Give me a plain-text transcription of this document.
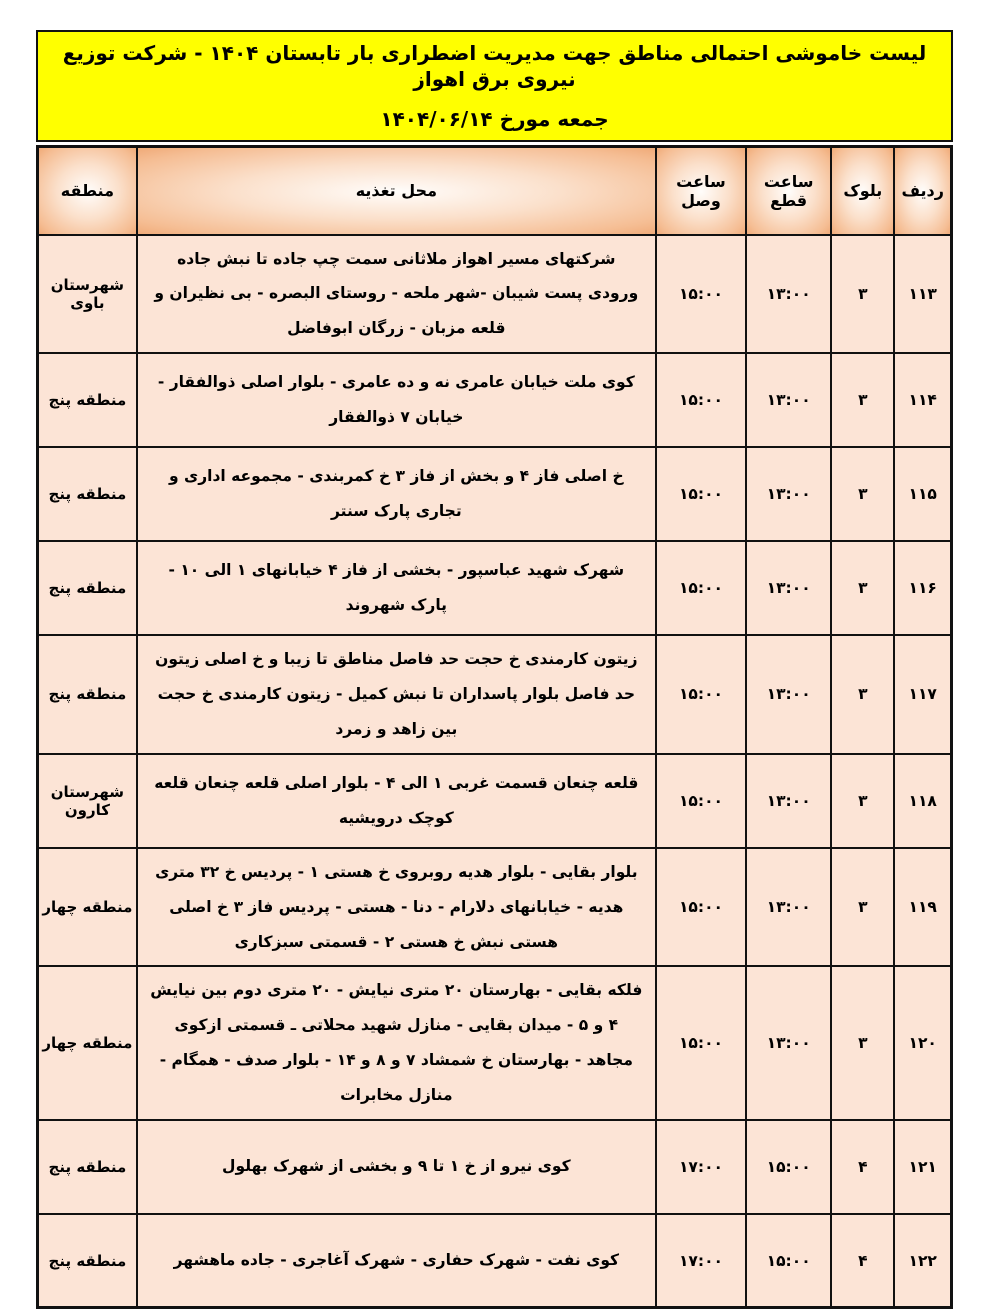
لیست خاموشی احتمالی مناطق جهت مدیریت اضطراری بار تابستان ۱۴۰۴ - شرکت توزیع نیروی برق اهواز
جمعه مورخ ۱۴۰۴/۰۶/۱۴
ردیف	بلوک	ساعت قطع	ساعت وصل	محل تغذیه	منطقه
۱۱۳	۳	۱۳:۰۰	۱۵:۰۰	شرکتهای مسیر اهواز ملاثانی سمت چپ جاده تا نبش جاده ورودی پست شیبان -شهر ملحه - روستای البصره - بی نظیران و قلعه مزبان - زرگان ابوفاضل	شهرستان باوی
۱۱۴	۳	۱۳:۰۰	۱۵:۰۰	کوی ملت خیابان عامری نه و ده عامری - بلوار اصلی ذوالفقار - خیابان ۷ ذوالفقار	منطقه پنج
۱۱۵	۳	۱۳:۰۰	۱۵:۰۰	خ اصلی فاز ۴ و بخش از فاز ۳ خ کمربندی - مجموعه اداری و تجاری پارک سنتر	منطقه پنج
۱۱۶	۳	۱۳:۰۰	۱۵:۰۰	شهرک شهید عباسپور - بخشی از فاز ۴ خیابانهای ۱ الی ۱۰ - پارک شهروند	منطقه پنج
۱۱۷	۳	۱۳:۰۰	۱۵:۰۰	زیتون کارمندی خ حجت حد فاصل مناطق تا زیبا و خ اصلی زیتون حد فاصل بلوار پاسداران تا نبش کمیل - زیتون کارمندی خ حجت بین زاهد و زمرد	منطقه پنج
۱۱۸	۳	۱۳:۰۰	۱۵:۰۰	قلعه چنعان قسمت غربی ۱ الی ۴ - بلوار اصلی قلعه چنعان قلعه کوچک درویشیه	شهرستان کارون
۱۱۹	۳	۱۳:۰۰	۱۵:۰۰	بلوار بقایی - بلوار هدیه روبروی خ هستی ۱ - پردیس خ ۳۲ متری هدیه - خیابانهای دلارام - دنا - هستی - پردیس فاز ۳ خ اصلی هستی نبش خ هستی ۲ - قسمتی سبزکاری	منطقه چهار
۱۲۰	۳	۱۳:۰۰	۱۵:۰۰	فلکه بقایی - بهارستان ۲۰ متری نیایش - ۲۰ متری دوم بین نیایش ۴ و ۵ - میدان بقایی - منازل شهید محلاتی ـ قسمتی ازکوی مجاهد - بهارستان خ شمشاد ۷ و ۸ و ۱۴ - بلوار صدف - همگام - منازل مخابرات	منطقه چهار
۱۲۱	۴	۱۵:۰۰	۱۷:۰۰	کوی نیرو از خ ۱ تا ۹ و بخشی از شهرک بهلول	منطقه پنج
۱۲۲	۴	۱۵:۰۰	۱۷:۰۰	کوی نفت - شهرک حفاری - شهرک آغاجری - جاده ماهشهر	منطقه پنج
